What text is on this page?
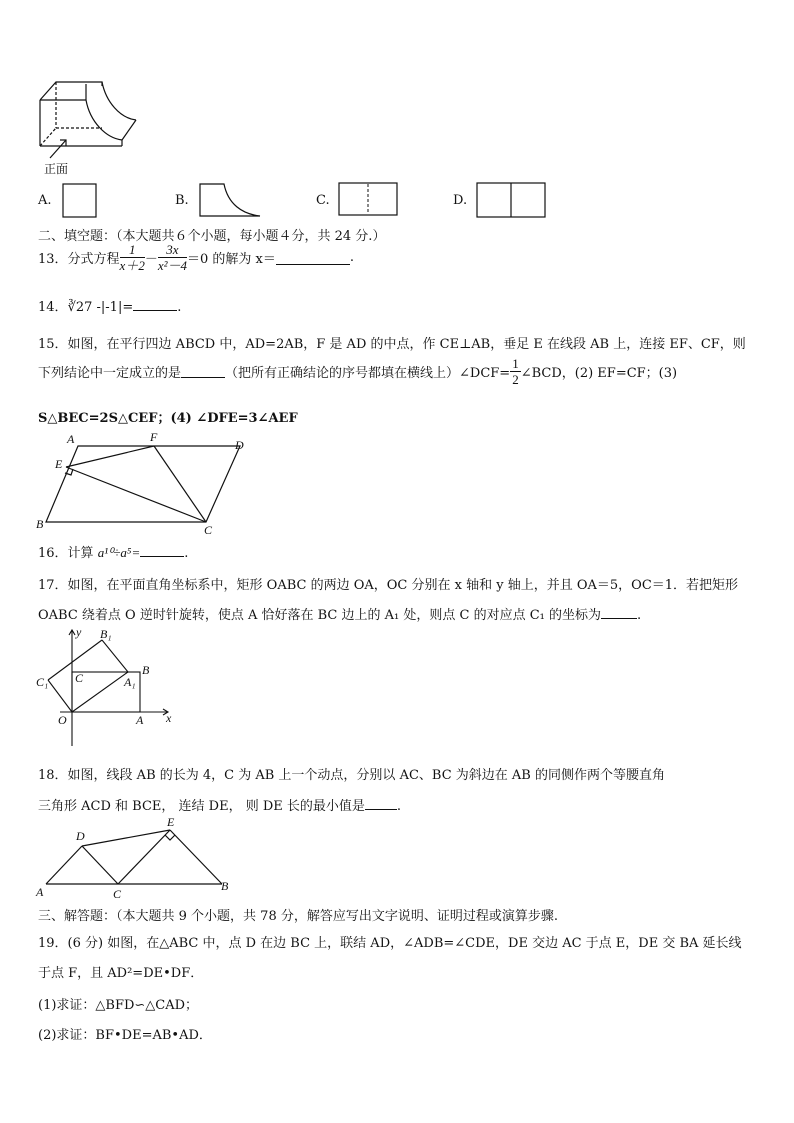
正面
A.	B.	C.	D.
二、填空题：（本大题共６个小题，每小题４分，共 24 分.）
13．分式方程 $\frac{1}{x+2} - \frac{3x}{\text{x²－4}} =0$ 的解为 x＝	.
14．∛27 -|-1|=	.
15．如图，在平行四边 ABCD 中，AD=2AB，F 是 AD 的中点，作 CE⊥AB，垂足 E 在线段 AB 上，连接 EF、CF，则
下列结论中一定成立的是	（把所有正确结论的序号都填在横线上）∠DCF= $\frac{1}{2}$ ∠BCD，(2) EF=CF；(3)
S△BEC=2S△CEF；(4) ∠DFE=3∠AEF
A	F
D
E
B	C
16．计算 a¹⁰÷a⁵=	.
17．如图，在平面直角坐标系中，矩形 OABC 的两边 OA，OC 分别在 x 轴和 y 轴上，并且 OA＝5，OC＝1．若把矩形
OABC 绕着点 O 逆时针旋转，使点 A 恰好落在 BC 边上的 A₁ 处，则点 C 的对应点 C₁ 的坐标为	.
y B₁
B
C₁ C	A₁
O	A x
18．如图，线段 AB 的长为 4，C 为 AB 上一个动点，分别以 AC、BC 为斜边在 AB 的同侧作两个等腰直角
三角形 ACD 和 BCE， 连结 DE， 则 DE 长的最小值是 .
D
E
A	C
B
三、解答题：（本大题共 9 个小题，共 78 分，解答应写出文字说明、证明过程或演算步骤.
19．(6 分) 如图，在△ABC 中，点 D 在边 BC 上，联结 AD，∠ADB=∠CDE，DE 交边 AC 于点 E，DE 交 BA 延长线
于点 F，且 AD²=DE•DF．
(1)求证：△BFD∽△CAD；
(2)求证：BF•DE=AB•AD．
